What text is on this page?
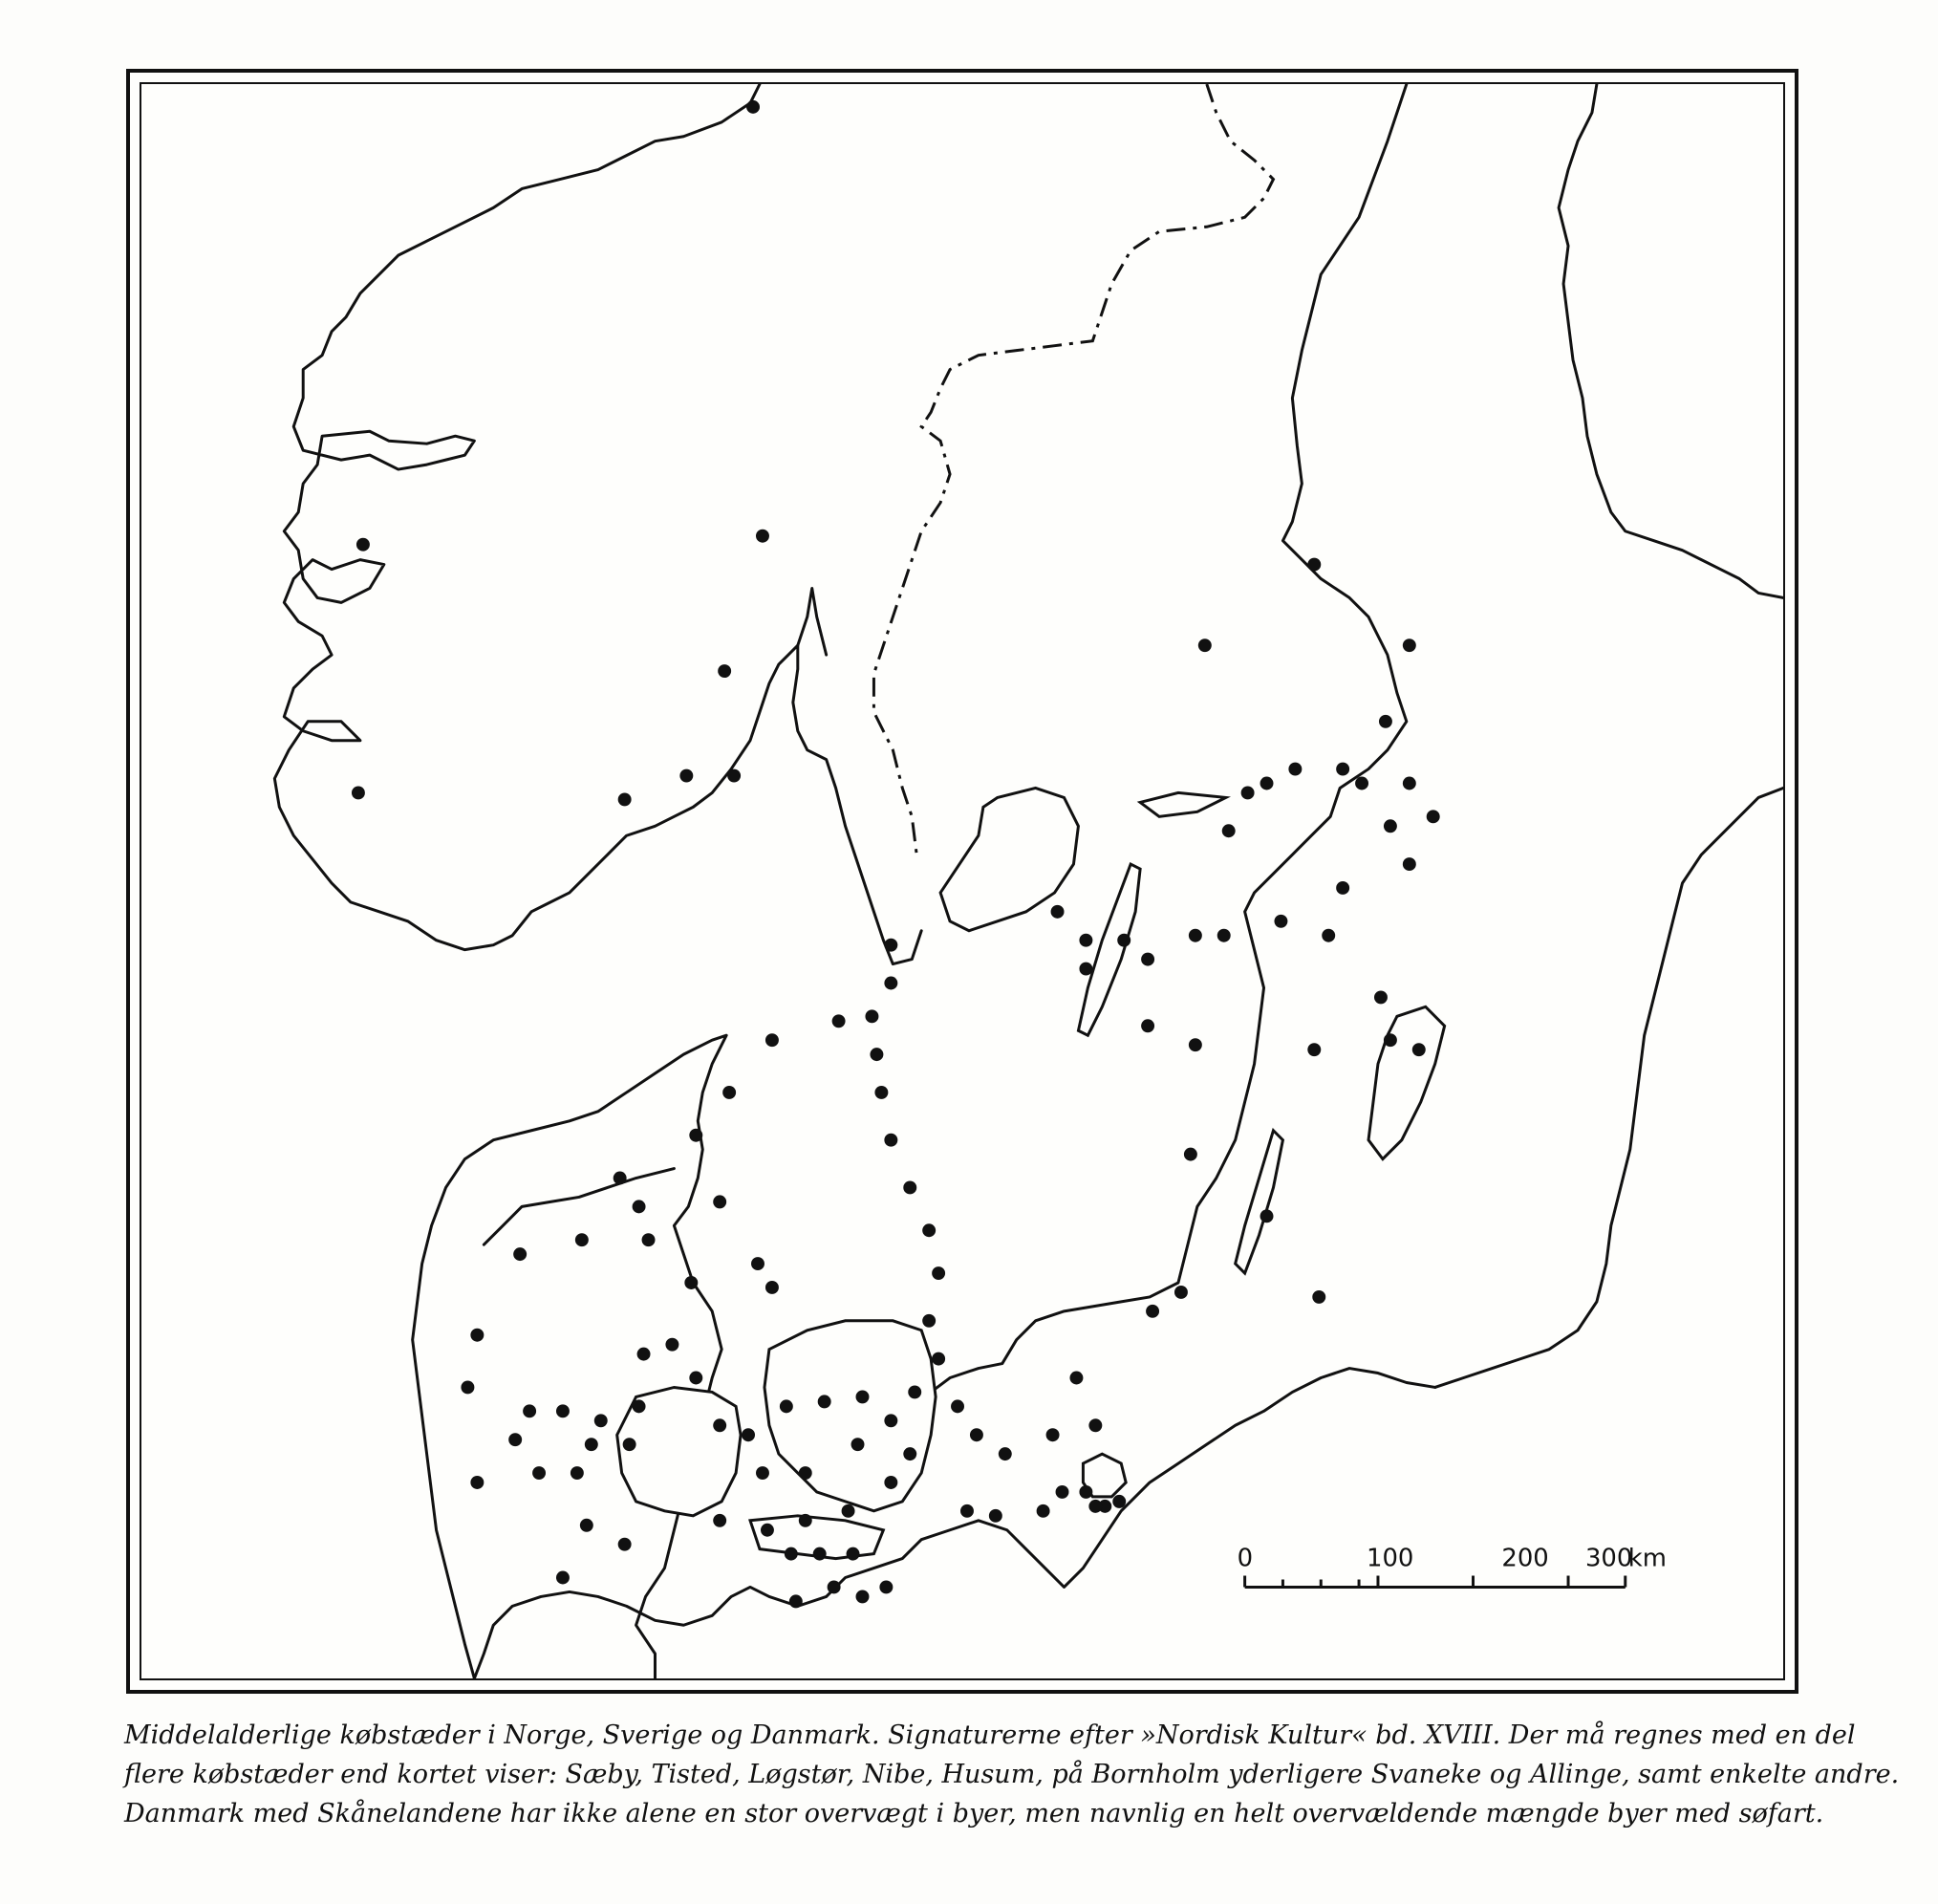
0	100	200 300
km

Middelalderlige købstæder i Norge, Sverige og Danmark. Signaturerne efter »Nordisk Kultur« bd. XVIII. Der må regnes med en del
flere købstæder end kortet viser: Sæby, Tisted, Løgstør, Nibe, Husum, på Bornholm yderligere Svaneke og Allinge, samt enkelte andre.
Danmark med Skånelandene har ikke alene en stor overvægt i byer, men navnlig en helt overvældende mængde byer med søfart.
